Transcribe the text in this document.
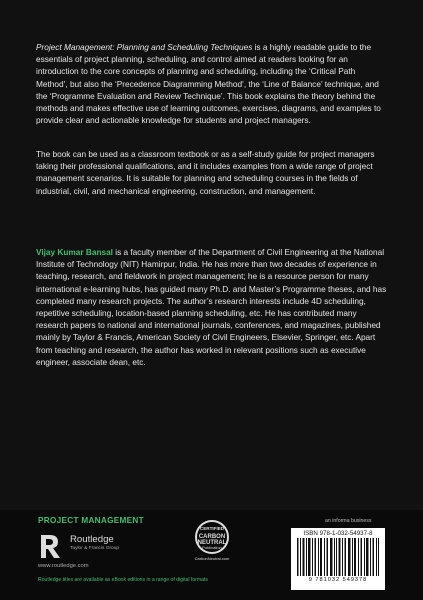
Project Management: Planning and Scheduling Techniques is a highly readable guide to the essentials of project planning, scheduling, and control aimed at readers looking for an introduction to the core concepts of planning and scheduling, including the ‘Critical Path Method’, but also the ‘Precedence Diagramming Method’, the ‘Line of Balance’ technique, and the ‘Programme Evaluation and Review Technique’. This book explains the theory behind the methods and makes effective use of learning outcomes, exercises, diagrams, and examples to provide clear and actionable knowledge for students and project managers.
The book can be used as a classroom textbook or as a self-study guide for project managers taking their professional qualifications, and it includes examples from a wide range of project management scenarios. It is suitable for planning and scheduling courses in the fields of industrial, civil, and mechanical engineering, construction, and management.
Vijay Kumar Bansal is a faculty member of the Department of Civil Engineering at the National Institute of Technology (NIT) Hamirpur, India. He has more than two decades of experience in teaching, research, and fieldwork in project management; he is a resource person for many international e-learning hubs, has guided many Ph.D. and Master’s Programme theses, and has completed many research projects. The author’s research interests include 4D scheduling, repetitive scheduling, location-based planning scheduling, etc. He has contributed many research papers to national and international journals, conferences, and magazines, published mainly by Taylor & Francis, American Society of Civil Engineers, Elsevier, Springer, etc. Apart from teaching and research, the author has worked in relevant positions such as executive engineer, associate dean, etc.
PROJECT MANAGEMENT
Routledge
Taylor & Francis Group
www.routledge.com
CERTIFIED
CARBON
NEUTRAL
Publication
CarbonNeutral.com
an informa business
ISBN 978-1-032-54937-8
9 781032 549378
Routledge titles are available as eBook editions in a range of digital formats
